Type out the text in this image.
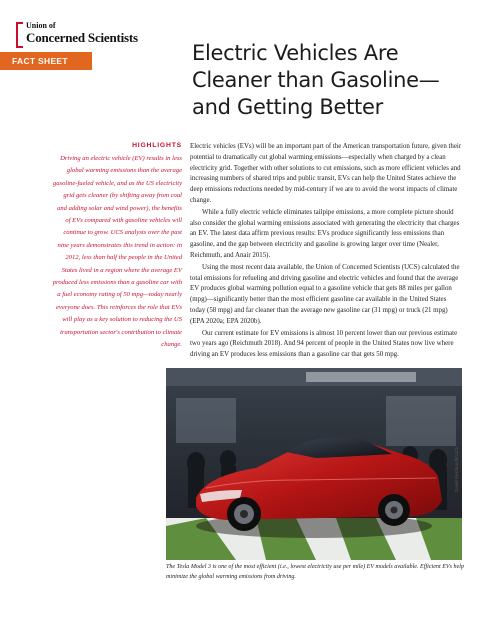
Union of
Concerned Scientists
FACT SHEET	Electric Vehicles Are Cleaner than Gasoline—and Getting Better
HIGHLIGHTS
Driving an electric vehicle (EV) results in less global warming emissions than the average gasoline-fueled vehicle, and as the US electricity grid gets cleaner (by shifting away from coal and adding solar and wind power), the benefits of EVs compared with gasoline vehicles will continue to grow. UCS analysts over the past nine years demonstrates this trend in action: in 2012, less than half the people in the United States lived in a region where the average EV produced less emissions than a gasoline car with a fuel economy rating of 50 mpg—today nearly everyone does. This reinforces the role that EVs will play as a key solution to reducing the US transportation sector's contribution to climate change.

Electric vehicles (EVs) will be an important part of the American transportation future, given their potential to dramatically cut global warming emissions—especially when charged by a clean electricity grid. Together with other solutions to cut emissions, such as more efficient vehicles and increasing numbers of shared trips and public transit, EVs can help the United States achieve the deep emissions reductions needed by mid-century if we are to avoid the worst impacts of climate change.

While a fully electric vehicle eliminates tailpipe emissions, a more complete picture should also consider the global warming emissions associated with generating the electricity that charges an EV. The latest data affirm previous results: EVs produce significantly less emissions than gasoline, and the gap between electricity and gasoline is growing larger over time (Nealer, Reichmuth, and Anair 2015).

Using the most recent data available, the Union of Concerned Scientists (UCS) calculated the total emissions for refueling and driving gasoline and electric vehicles and found that the average EV produces global warming pollution equal to a gasoline vehicle that gets 88 miles per gallon (mpg)—significantly better than the most efficient gasoline car available in the United States today (58 mpg) and far cleaner than the average new gasoline car (31 mpg) or truck (21 mpg) (EPA 2020a; EPA 2020b).

Our current estimate for EV emissions is almost 10 percent lower than our previous estimate two years ago (Reichmuth 2018). And 94 percent of people in the United States now live where driving an EV produces less emissions than a gasoline car that gets 50 mpg.

David Reichmuth/UCS
The Tesla Model 3 is one of the most efficient (i.e., lowest electricity use per mile) EV models available. Efficient EVs help minimize the global warming emissions from driving.
